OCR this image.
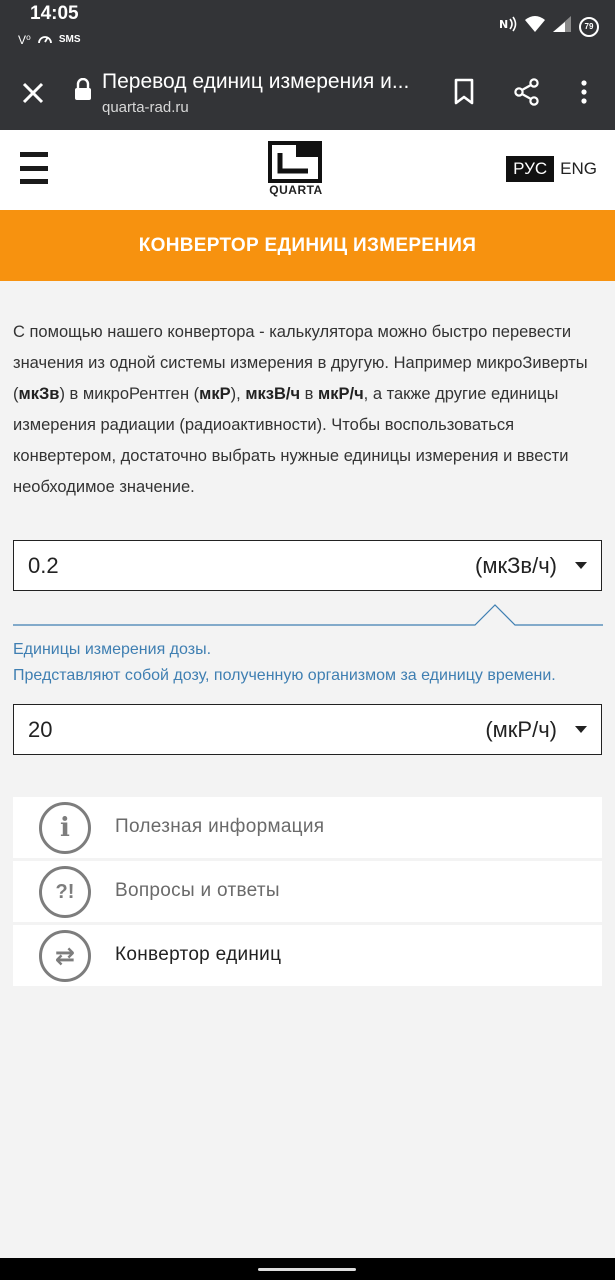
14:05
V⁰	SMS
N	79
Перевод единиц измерения и...
quarta-rad.ru
QUARTA
РУС ENG
КОНВЕРТОР ЕДИНИЦ ИЗМЕРЕНИЯ
С помощью нашего конвертора - калькулятора можно быстро перевести значения из одной системы измерения в другую. Например микроЗиверты (мкЗв) в микроРентген (мкР), мкзВ/ч в мкР/ч, а также другие единицы измерения радиации (радиоактивности). Чтобы воспользоваться конвертером, достаточно выбрать нужные единицы измерения и ввести необходимое значение.
0.2	(мкЗв/ч)
Единицы измерения дозы.
Представляют собой дозу, полученную организмом за единицу времени.
20	(мкР/ч)
i	Полезная информация
?!	Вопросы и ответы
⇄	Конвертор единиц
